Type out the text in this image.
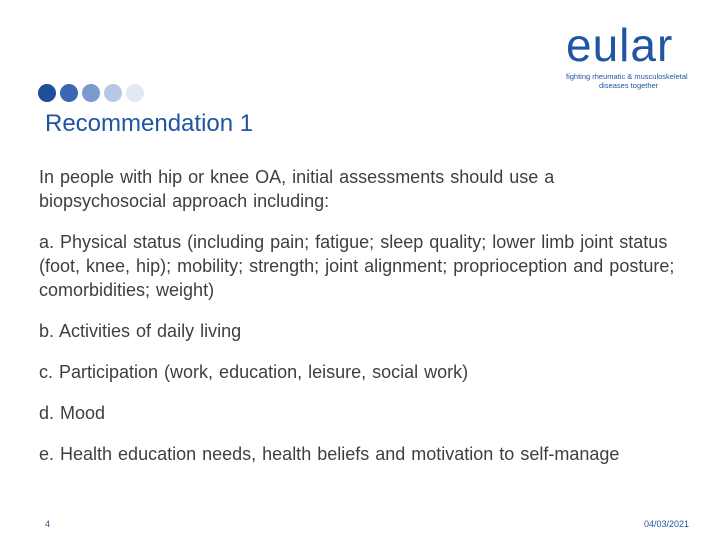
eular
fighting rheumatic & musculoskeletal
diseases together
Recommendation 1

In people with hip or knee OA, initial assessments should use a biopsychosocial approach including:

a. Physical status (including pain; fatigue; sleep quality; lower limb joint status (foot, knee, hip); mobility; strength; joint alignment; proprioception and posture; comorbidities; weight)

b. Activities of daily living

c. Participation (work, education, leisure, social work)

d. Mood

e. Health education needs, health beliefs and motivation to self-manage

4	04/03/2021
